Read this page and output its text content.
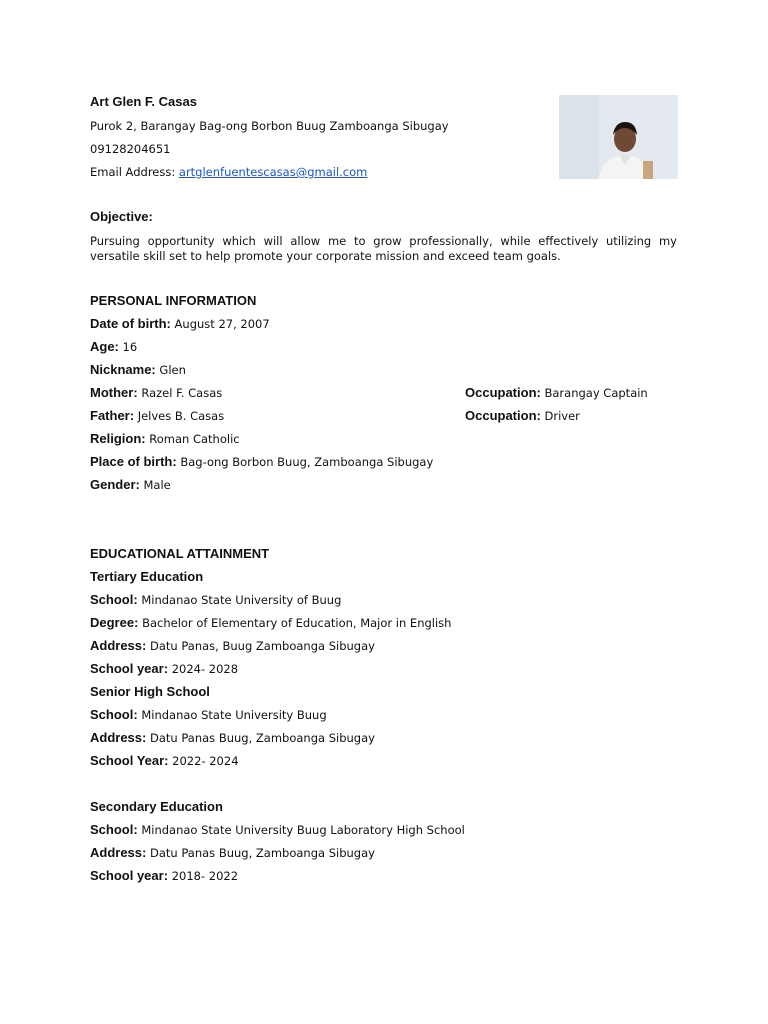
Art Glen F. Casas
Purok 2, Barangay Bag-ong Borbon Buug Zamboanga Sibugay
09128204651
Email Address: artglenfuentescasas@gmail.com
Objective:
Pursuing opportunity which will allow me to grow professionally, while effectively utilizing my versatile skill set to help promote your corporate mission and exceed team goals.
PERSONAL INFORMATION
Date of birth: August 27, 2007
Age: 16
Nickname: Glen
Mother: Razel F. Casas	Occupation: Barangay Captain
Father: Jelves B. Casas	Occupation: Driver
Religion: Roman Catholic
Place of birth: Bag-ong Borbon Buug, Zamboanga Sibugay
Gender: Male
EDUCATIONAL ATTAINMENT
Tertiary Education
School: Mindanao State University of Buug
Degree: Bachelor of Elementary of Education, Major in English
Address: Datu Panas, Buug Zamboanga Sibugay
School year: 2024- 2028
Senior High School
School: Mindanao State University Buug
Address: Datu Panas Buug, Zamboanga Sibugay
School Year: 2022- 2024
Secondary Education
School: Mindanao State University Buug Laboratory High School
Address: Datu Panas Buug, Zamboanga Sibugay
School year: 2018- 2022
